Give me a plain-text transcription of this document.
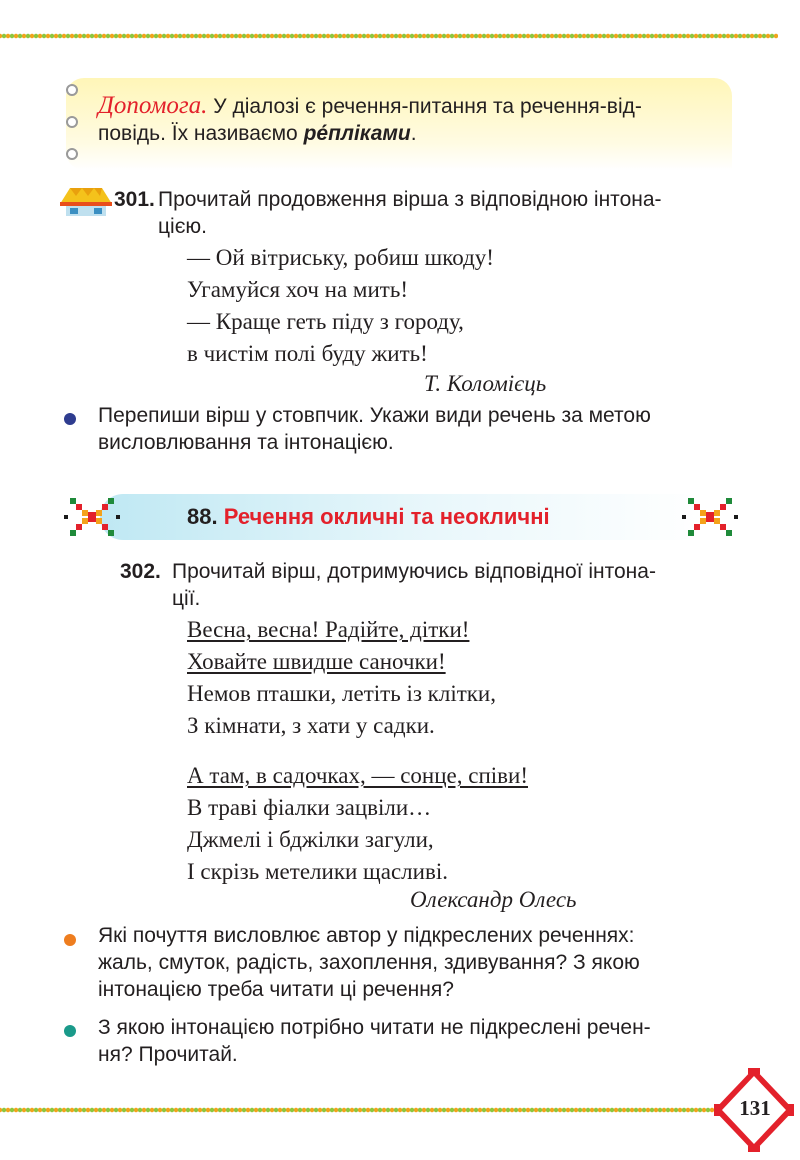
Допомога. У діалозі є речення-питання та речення-від-
повідь. Їх називаємо ре́пліками.
301. Прочитай продовження вірша з відповідною інтона-
цією.
— Ой вітриську, робиш шкоду!
Угамуйся хоч на мить!
— Краще геть піду з городу,
в чистім полі буду жить!
Т. Коломієць
Перепиши вірш у стовпчик. Укажи види речень за метою
висловлювання та інтонацією.
88. Речення окличні та неокличні
302. Прочитай вірш, дотримуючись відповідної інтона-
ції.
Весна, весна! Радійте, дітки!
Ховайте швидше саночки!
Немов пташки, летіть із клітки,
З кімнати, з хати у садки.
А там, в садочках, — сонце, співи!
В траві фіалки зацвіли…
Джмелі і бджілки загули,
І скрізь метелики щасливі.
Олександр Олесь
Які почуття висловлює автор у підкреслених реченнях:
жаль, смуток, радість, захоплення, здивування? З якою
інтонацією треба читати ці речення?
З якою інтонацією потрібно читати не підкреслені речен-
ня? Прочитай.
131
